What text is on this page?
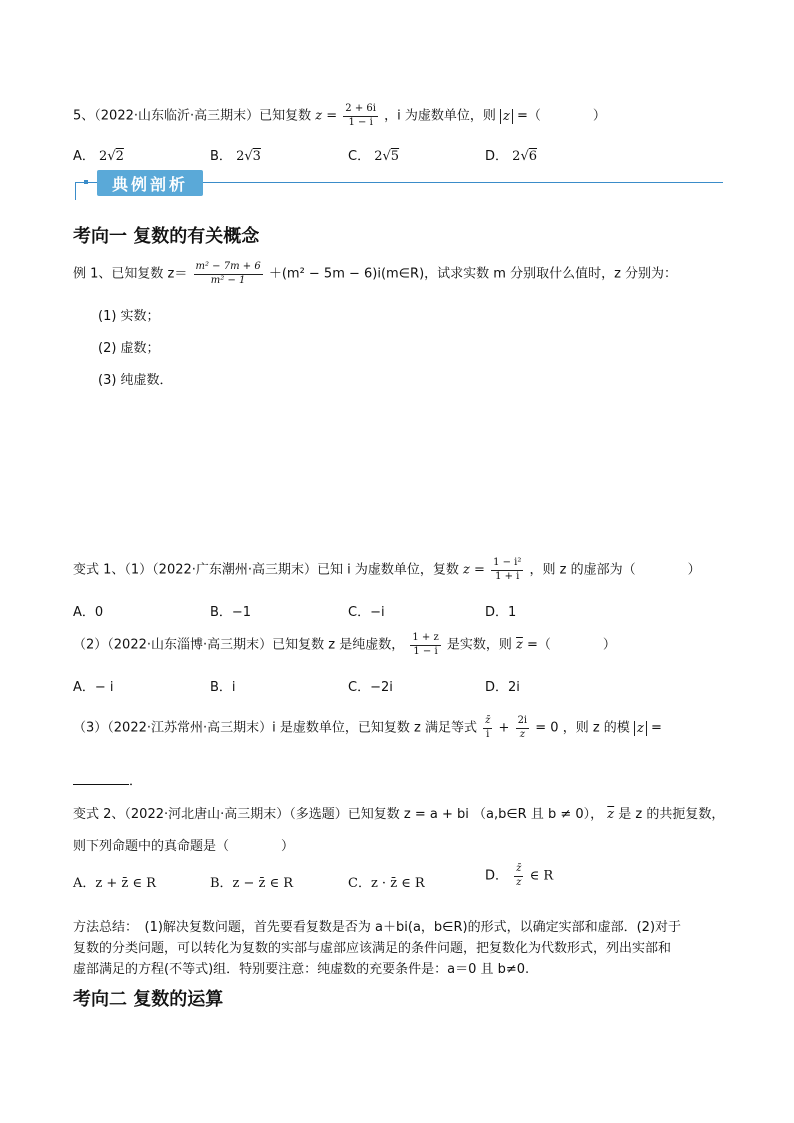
5、（2022·山东临沂·高三期末）已知复数 $z = \frac{2 + 6i}{1 - i}$ ，i 为虚数单位，则 z =（　　　　）
A． 2√2	B． 2√3	C． 2√5	D． 2√6
典例剖析
考向一 复数的有关概念
例 1、已知复数 $z= \frac{\text{m² − 7m + 6}}{\text{m² − 1}} +(m^2 - 5m$ − 6)i(m∈R)，试求实数 m 分别取什么值时，z 分别为：
(1) 实数；
(2) 虚数；
(3) 纯虚数．
变式 1、（1）（2022·广东潮州·高三期末）已知 i 为虚数单位，复数 $z = \frac{\text{1 − i²}}{1 + i}$ ，则 z 的虚部为（　　　　）
A．0	B．−1	C．−i	D．1
（2）（2022·山东淄博·高三期末）已知复数 z 是纯虚数， $\frac{1 + z}{1 - i}$ 是实数，则 $\overline{z}$ =（　　　　）
A．− i	B．i	C．−2i	D．2i
（3）（2022·江苏常州·高三期末）i 是虚数单位，已知复数 z 满足等式 $\frac{z̄}{i} + \frac{2i}{z} = 0$ ，则 z 的模 z =
．
变式 2、（2022·河北唐山·高三期末）（多选题）已知复数 z = a + bi （a,b∈R 且 b ≠ 0）， $\overline{z}$ 是 z 的共扼复数，
则下列命题中的真命题是（　　　　）
A．z + z̄ ∈ R	B．z − z̄ ∈ R	C．z · z̄ ∈ R	D． $\frac{z̄}{z}$ ∈ R
方法总结：　(1)解决复数问题，首先要看复数是否为 a＋bi(a，b∈R)的形式，以确定实部和虚部．(2)对于
复数的分类问题，可以转化为复数的实部与虚部应该满足的条件问题，把复数化为代数形式，列出实部和
虚部满足的方程(不等式)组．特别要注意：纯虚数的充要条件是：a＝0 且 b≠0.
考向二 复数的运算
